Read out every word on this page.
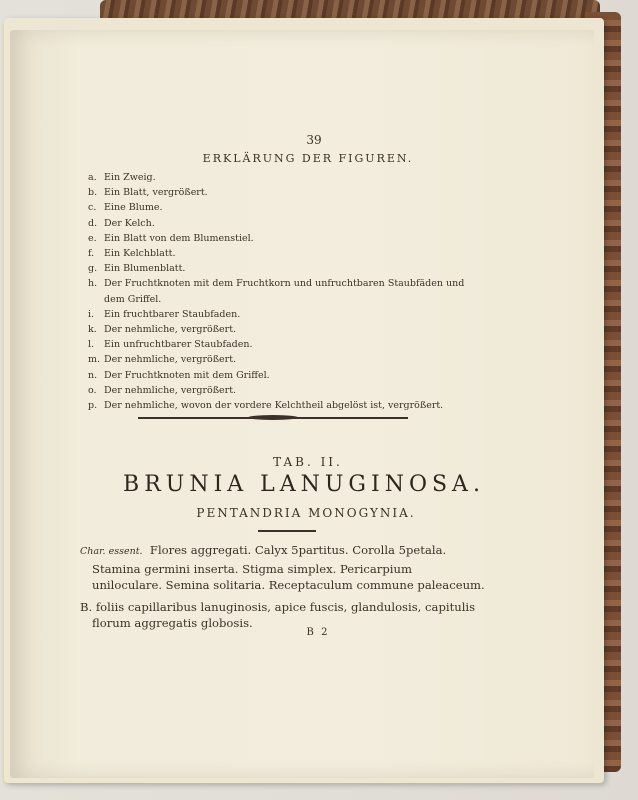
39
ERKLÄRUNG DER FIGUREN.
a. Ein Zweig.
b. Ein Blatt, vergrößert.
c. Eine Blume.
d. Der Kelch.
e. Ein Blatt von dem Blumenstiel.
f.	Ein Kelchblatt.
g. Ein Blumenblatt.
h. Der Fruchtknoten mit dem Fruchtkorn und unfruchtbaren Staubfäden und dem Griffel.
i.	Ein fruchtbarer Staubfaden.
k. Der nehmliche, vergrößert.
l.	Ein unfruchtbarer Staubfaden.
m. Der nehmliche, vergrößert.
n. Der Fruchtknoten mit dem Griffel.
o. Der nehmliche, vergrößert.
p. Der nehmliche, wovon der vordere Kelchtheil abgelöst ist, vergrößert.
TAB. II.
BRUNIA LANUGINOSA.
PENTANDRIA MONOGYNIA.

Char. essent. Flores aggregati. Calyx 5partitus. Corolla 5petala. Stamina germini inserta. Stigma simplex. Pericarpium uniloculare. Semina solitaria. Receptaculum commune paleaceum.

B. foliis capillaribus lanuginosis, apice fuscis, glandulosis, capitulis florum aggregatis globosis.

B 2
